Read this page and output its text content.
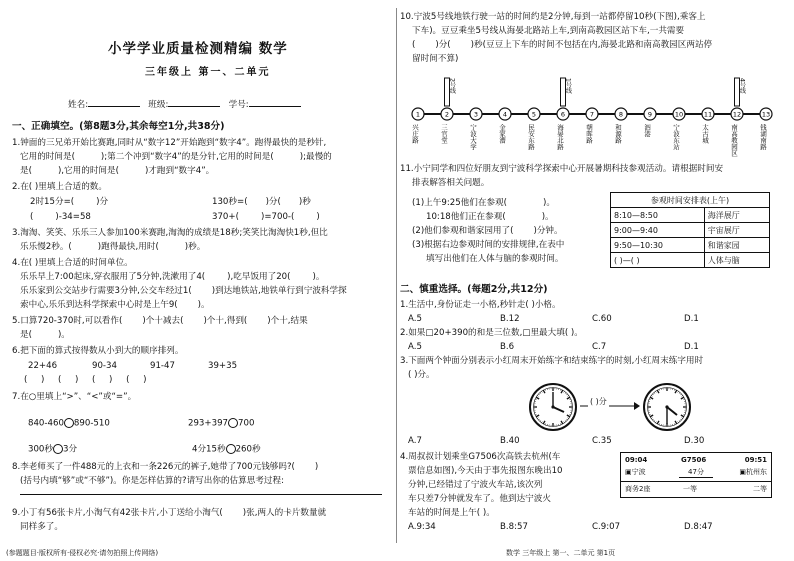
小学学业质量检测精编 数学
三年级上 第一、二单元
姓名:	班级:	学号:
一、正确填空。(第8题3分,其余每空1分,共38分)
1.钟面的三兄弟开始比赛跑,同时从“数字12”开始跑到“数字4”。跑得最快的是秒针,
它用的时间是(	);第二个冲到“数字4”的是分针,它用的时间是(	);最慢的
是(	),它用的时间是(	)才跑到“数字4”。
2.在( )里填上合适的数。
2时15分=(	)分	130秒=( )分( )秒
(	)-34=58	370+(	)=700-(	)
3.淘淘、笑笑、乐乐三人参加100米赛跑,淘淘的成绩是18秒;笑笑比淘淘快1秒,但比
乐乐慢2秒。(	)跑得最快,用时(	)秒。
4.在( )里填上合适的时间单位。
乐乐早上7:00起床,穿衣服用了5分钟,洗漱用了4(	),吃早饭用了20(	)。
乐乐家到公交站步行需要3分钟,公交车经过1( )到达地铁站,地铁单行到宁波科学探
索中心,乐乐到达科学探索中心时是上午9( )。
5.口算720-370时,可以看作( )个十减去( )个十,得到( )个十,结果
是(	)。
6.把下面的算式按得数从小到大的顺序排列。
22+46	90-34	91-47	39+35
(     )     (     )     (     )     (     )
7.在○里填上“>”、“<”或“=”。
840-460 890-510	293+397 700
300秒 3分	4分15秒 260秒
8.李老师买了一件488元的上衣和一条226元的裤子,她带了700元钱够吗?( )
(括号内填“够”或“不够”)。你是怎样估算的?请写出你的估算思考过程:
9.小丁有56张卡片,小淘气有42张卡片,小丁送给小淘气( )张,两人的卡片数量就
同样多了。
(参题题目·版权所有·侵权必究·请勿拍照上传网络)
10.宁波5号线地铁行驶一站的时间约是2分钟,每到一站都停留10秒(下图),乘客上
下车)。豆豆乘坐5号线从海晏北路站上车,到南高教园区站下车,一共需要
( )分( )秒(豆豆上下车的时间不包括在内,海晏北路和南高教园区两站停
留时间不算)
2号线	1号线	4号线
1
兴庄路
2
三官堂
3
宁波大学
4
金家漕
5
民安东路
6
海晏北路
7
朝晖路
8
和源路
9
泗港
10
宁波东站
11
太古城
12
南高教园区
13
钱湖南路
11.小宁同学和四位好朋友到宁波科学探索中心开展暑期科技参观活动。请根据时间安
排表解答相关问题。
(1)上午9:25他们在参观(	)。
10:18他们正在参观(	)。
(2)他们参观和谐家园用了( )分钟。
(3)根据右边参观时间的安排规律,在表中
填写出他们在人体与脑的参观时间。
参观时间安排表(上午)	
8:10—8:50	海洋展厅
9:00—9:40	宇宙展厅
9:50—10:30	和谐家园
( )—( )	人体与脑
二、慎重选择。(每题2分,共12分)
1.生活中,身份证走一小格,秒针走( )小格。
A.5	B.12	C.60	D.1
2.如果□20+390的和是三位数,□里最大填( )。
A.5	B.6	C.7	D.1
3.下面两个钟面分别表示小红周末开始练字和结束练字的时刻,小红周末练字用时
( )分。
( )分
A.7	B.40	C.35	D.30
4.周叔叔计划乘坐G7506次高铁去杭州(车
票信息如图),今天由于事先报图东晚出10
分钟,已经错过了宁波火车站,该次列
车只差7分钟就发车了。他到达宁波火
车站的时间是上午( )。
09:04	G7506	09:51
▣宁波	47分	▣杭州东
商务2座	一等	二等
A.9:34	B.8:57	C.9:07	D.8:47
数学 三年级上 第一、二单元 第1页
